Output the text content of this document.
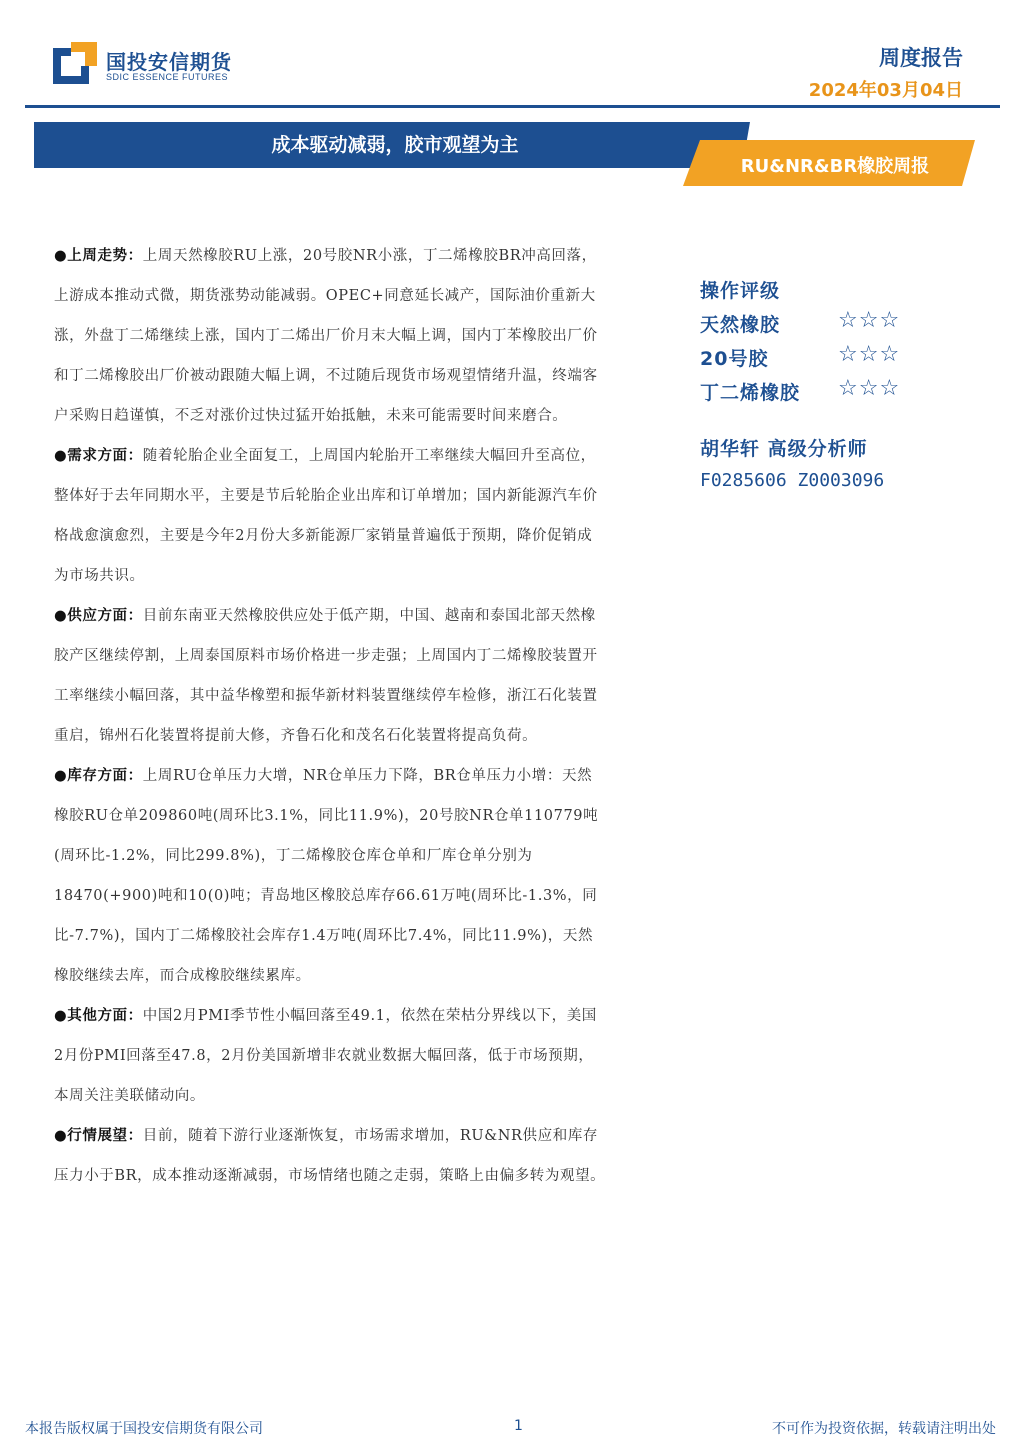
国投安信期货
SDIC ESSENCE FUTURES
周度报告
2024年03月04日
成本驱动减弱，胶市观望为主
RU&NR&BR橡胶周报

●上周走势：上周天然橡胶RU上涨，20号胶NR小涨，丁二烯橡胶BR冲高回落，上游成本推动式微，期货涨势动能减弱。OPEC+同意延长减产，国际油价重新大涨，外盘丁二烯继续上涨，国内丁二烯出厂价月末大幅上调，国内丁苯橡胶出厂价和丁二烯橡胶出厂价被动跟随大幅上调，不过随后现货市场观望情绪升温，终端客户采购日趋谨慎，不乏对涨价过快过猛开始抵触，未来可能需要时间来磨合。

●需求方面：随着轮胎企业全面复工，上周国内轮胎开工率继续大幅回升至高位，整体好于去年同期水平，主要是节后轮胎企业出库和订单增加；国内新能源汽车价格战愈演愈烈，主要是今年2月份大多新能源厂家销量普遍低于预期，降价促销成为市场共识。

●供应方面：目前东南亚天然橡胶供应处于低产期，中国、越南和泰国北部天然橡胶产区继续停割，上周泰国原料市场价格进一步走强；上周国内丁二烯橡胶装置开工率继续小幅回落，其中益华橡塑和振华新材料装置继续停车检修，浙江石化装置重启，锦州石化装置将提前大修，齐鲁石化和茂名石化装置将提高负荷。

●库存方面：上周RU仓单压力大增，NR仓单压力下降，BR仓单压力小增：天然橡胶RU仓单209860吨(周环比3.1%，同比11.9%)，20号胶NR仓单110779吨(周环比-1.2%，同比299.8%)，丁二烯橡胶仓库仓单和厂库仓单分别为18470(+900)吨和10(0)吨；青岛地区橡胶总库存66.61万吨(周环比-1.3%，同比-7.7%)，国内丁二烯橡胶社会库存1.4万吨(周环比7.4%，同比11.9%)，天然橡胶继续去库，而合成橡胶继续累库。

●其他方面：中国2月PMI季节性小幅回落至49.1，依然在荣枯分界线以下，美国2月份PMI回落至47.8，2月份美国新增非农就业数据大幅回落，低于市场预期，本周关注美联储动向。

●行情展望：目前，随着下游行业逐渐恢复，市场需求增加，RU&NR供应和库存压力小于BR，成本推动逐渐减弱，市场情绪也随之走弱，策略上由偏多转为观望。

操作评级
天然橡胶	☆☆☆
20号胶	☆☆☆
丁二烯橡胶 ☆☆☆
胡华轩 高级分析师
F0285606 Z0003096
本报告版权属于国投安信期货有限公司	1	不可作为投资依据，转载请注明出处
